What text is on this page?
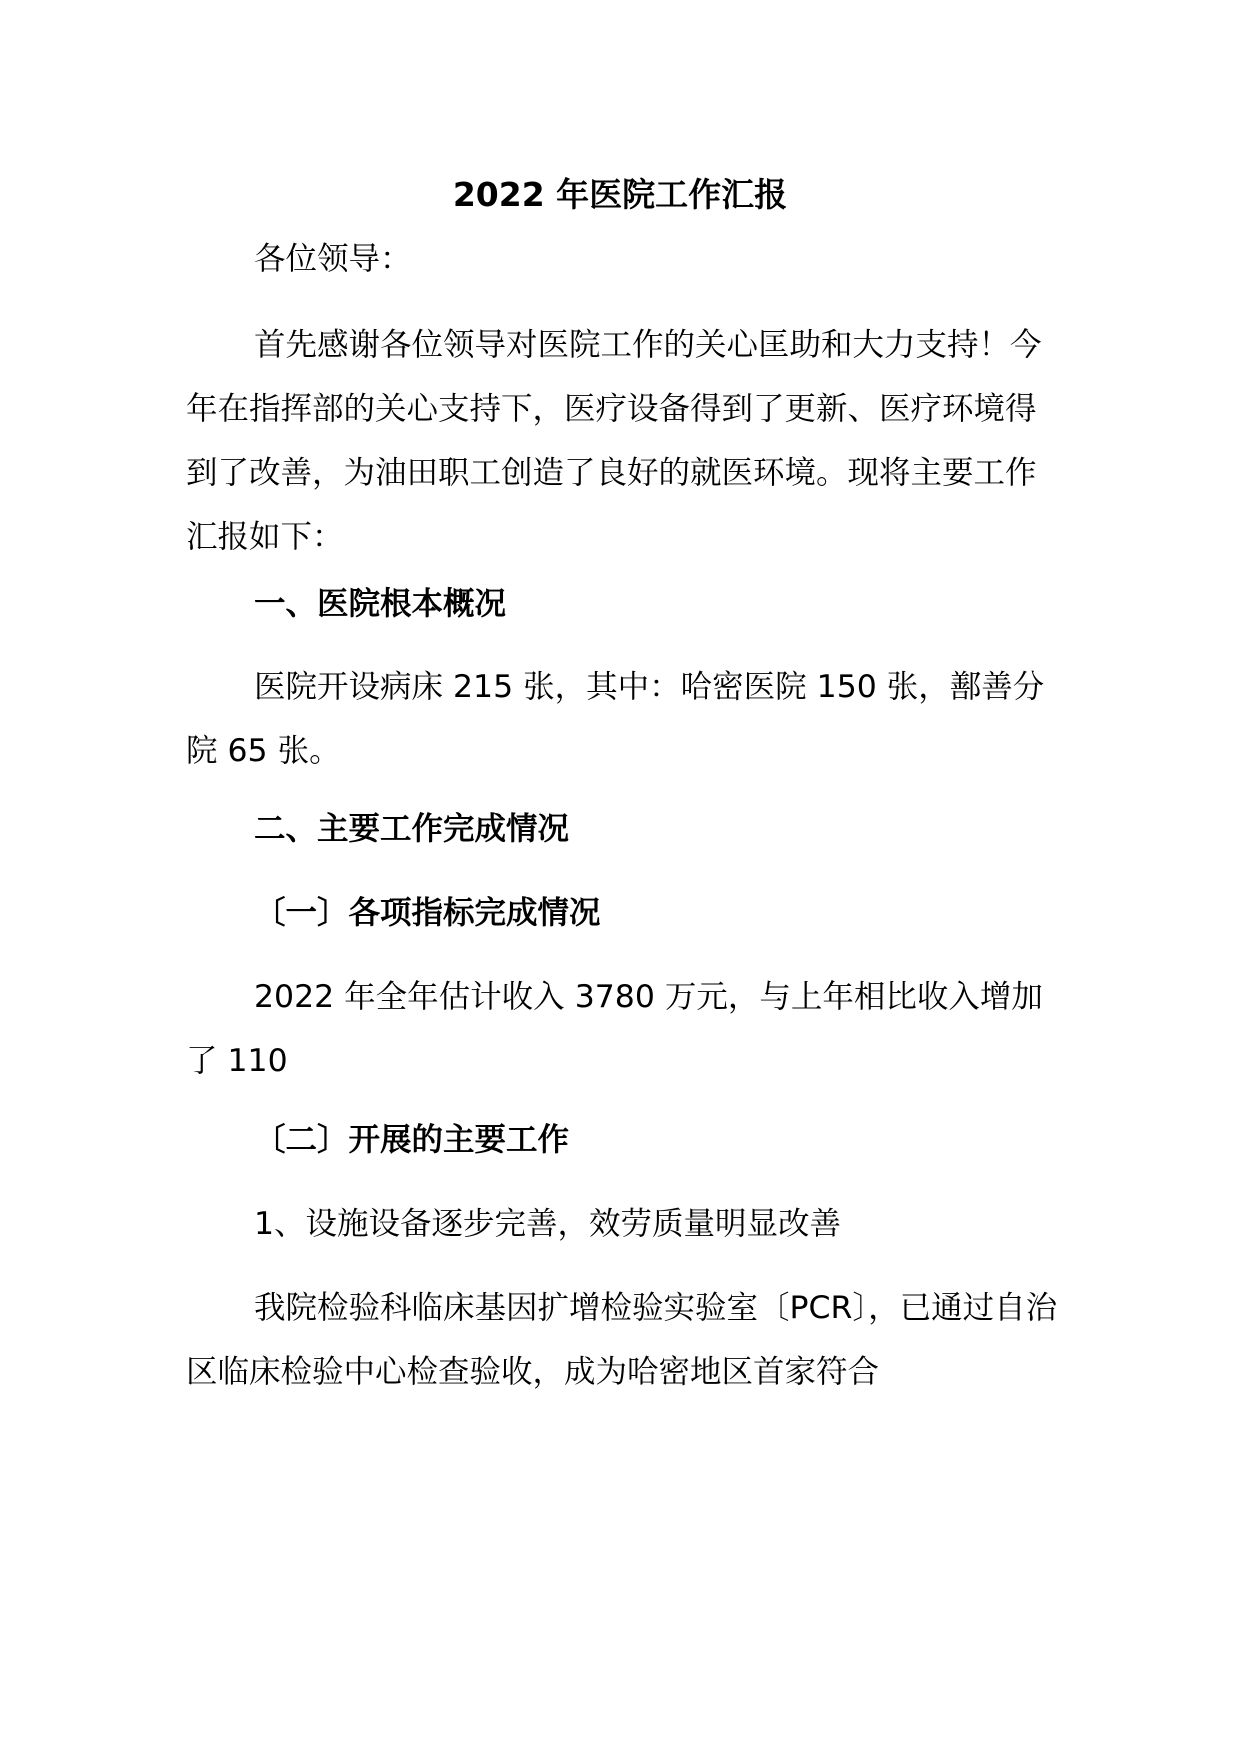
2022 年医院工作汇报

各位领导：

首先感谢各位领导对医院工作的关心匡助和大力支持！今年在指挥部的关心支持下，医疗设备得到了更新、医疗环境得到了改善，为油田职工创造了良好的就医环境。现将主要工作汇报如下：

一、医院根本概况

医院开设病床 215 张，其中：哈密医院 150 张，鄯善分院 65 张。

二、主要工作完成情况

〔一〕各项指标完成情况

2022 年全年估计收入 3780 万元，与上年相比收入增加了 110

〔二〕开展的主要工作

1、设施设备逐步完善，效劳质量明显改善

我院检验科临床基因扩增检验实验室〔PCR〕，已通过自治区临床检验中心检查验收，成为哈密地区首家符合
